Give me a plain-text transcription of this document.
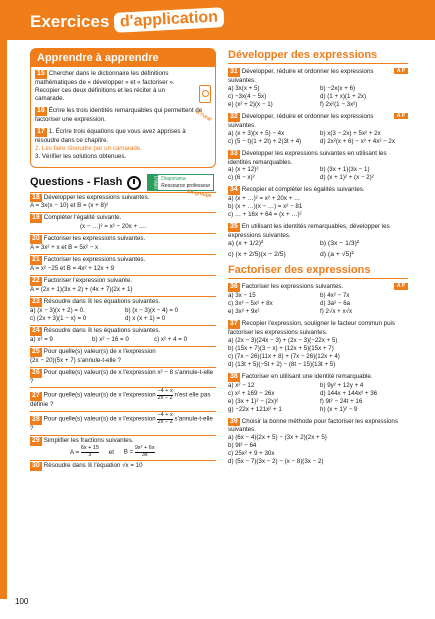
Exercices d'application
Apprendre à apprendre
À l'oral
En groupe
15 Chercher dans le dictionnaire les définitions mathématiques de « développer » et « factoriser ». Recopier ces deux définitions et les réciter à un camarade.
16 Écrire les trois identités remarquables qui permettent de factoriser une expression.
17 1. Écrire trois équations que vous avez apprises à résoudre dans ce chapitre.
2. Les faire résoudre par un camarade.
3. Vérifier les solutions obtenues.
Questions - Flash	Diapo Diaporama
Ressource professeur
18 Développer les expressions suivantes.
A = 3x(x − 10) et B = (x + 8)²
19 Compléter l'égalité suivante.
(x − …)² = x² − 20x + ….
20 Factoriser les expressions suivantes.
A = 3x² + x et B = 5x² − x
21 Factoriser les expressions suivantes.
A = x² −25 et B = 4x² + 12x + 9
22 Factoriser l'expression suivante.
A = (2x + 1)(3x + 2) + (4x + 7)(2x + 1)
23 Résoudre dans ℝ les équations suivantes.
a) (x − 3)(x + 2) = 0.	b) (x − 3)(x − 4) = 0
c) (2x + 3)(1 − x) = 0	d) x (x + 1) = 0
24 Résoudre dans ℝ les équations suivantes.
a) x² = 9	b) x² − 16 = 0	c) x² + 4 = 0
25 Pour quelle(s) valeur(s) de x l'expression
(2x − 20)(5x + 7) s'annule-t-elle ?
26 Pour quelle(s) valeur(s) de x l'expression x² − 8 s'annule-t-elle ?
27 Pour quelle(s) valeur(s) de x l'expression $\frac{-4 + x}{2x - 2} n'est$ elle pas définie ?
28 Pour quelle(s) valeur(s) de x l'expression $\frac{-4 + x}{2x - 2}$ s'annule-t-elle ?
29 Simplifier les fractions suivantes.
$A = \frac{6x + 15}{3}$ et $B = \frac{\text{9x² + 6x}}{3x}$
30 Résoudre dans ℝ l'équation √x = 10
Développer des expressions
A P
31 Développer, réduire et ordonner les expressions suivantes.
a) 3x(x + 5)	b) −2x(x + 6)
c) −3x(4 − 5x)	d) (1 + x)(1 + 2x)
e) (x² + 2)(x − 1)	f) 2x²(1 − 3x²)
A P
32 Développer, réduire et ordonner les expressions suivantes.
a) (x + 3)(x + 5) − 4x	b) x(3 − 2x) + 5x² + 2x
c) (5 − t)(1 + 2t) + 2(3t + 4)	d) 2x²(x + 6) − x³ + 4x² − 2x
33 Développer les expressions suivantes en utilisant les identités remarquables.
a) (x + 12)²	b) (3x + 1)(3x − 1)
c) (6 − x)²	d) (x + 1)² + (x − 2)²
34 Recopier et compléter les égalités suivantes.
a) (x + …)² = x² + 20x + …
b) (x + …)(x − …) = x² − 81
c) … + 16x + 64 = (x + …)²
35 En utilisant les identités remarquables, développer les expressions suivantes.
a) (x + 1/2)²	b) (3x − 1/3)²
c) (x + 2/5)(x − 2/5)	d) (a + √5)²
Factoriser des expressions
A P
36 Factoriser les expressions suivantes.
a) 3x − 15	b) 4x² − 7x
c) 3x³ − 5x² + 8x	d) 3a² − 6a
e) 3x² + 9x²	f) 2√x + x√x
37 Recopier l'expression, souligner le facteur commun puis factoriser les expressions suivantes.
a) (2x − 3)(24x − 3) + (2x − 3)(−22x + 5)
b) (15x + 7)(3 − x) + (12x + 5)(15x + 7)
c) (7x − 26)(11x + 8) + (7x − 26)(12x + 4)
d) (13t + 5)(−5t + 2) − (8t − 15)(13t + 5)
38 Factoriser en utilisant une identité remarquable.
a) x² − 12	b) 9y² + 12y + 4
c) x² + 169 − 26x	d) 144x + 144x² + 36
e) (3x + 1)² − (2x)²	f) 9t² − 24t + 16
g) −22x + 121x² + 1	h) (x + 1)² − 9
39 Choisir la bonne méthode pour factoriser les expressions suivantes.
a) (6x − 4)(2x + 5) − (3x + 2)(2x + 5)
b) 9t² − 64
c) 25x² + 9 + 30x
d) (5x − 7)(3x − 2) − (x − 8)(3x − 2)
100
